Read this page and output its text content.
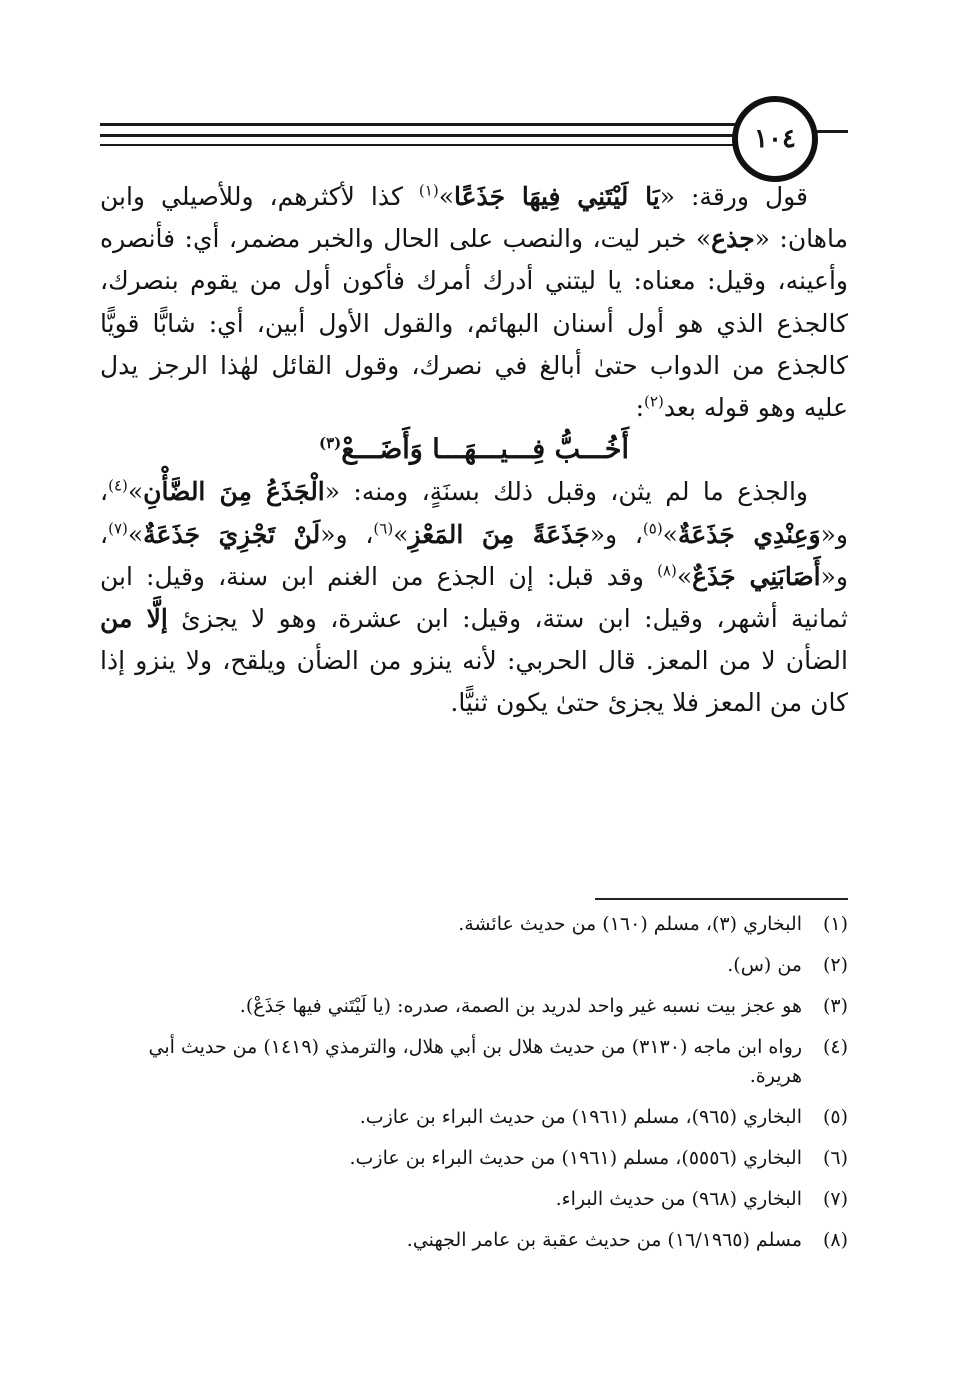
١٠٤

قول ورقة: «يَا لَيْتَنِي فِيهَا جَذَعًا»$^{(١)}$ كذا لأكثرهم، وللأصيلي وابن ماهان: «جذع» خبر ليت، والنصب على الحال والخبر مضمر، أي: فأنصره وأعينه، وقيل: معناه: يا ليتني أدرك أمرك فأكون أول من يقوم بنصرك، كالجذع الذي هو أول أسنان البهائم، والقول الأول أبين، أي: شابًّا قويًّا كالجذع من الدواب حتىٰ أبالغ في نصرك، وقول القائل لهٰذا الرجز يدل عليه وهو قوله بعد$^{(٢)}$:

أَخُـــبُّ فِـــيـــهَـــا وَأَضَـــعْ$^{(٣)}$

والجذع ما لم يثن، وقبل ذلك بسنَةٍ، ومنه: «الْجَذَعُ مِنَ الضَّأْنِ»$^{(٤)}$، و«وَعِنْدِي جَذَعَةٌ»$^{(٥)}$، و«جَذَعَةً مِنَ المَعْزِ»$^{(٦)}$، و«لَنْ تَجْزِيَ جَذَعَةٌ»$^{(٧)}$، و«أَصَابَنِي جَذَعٌ»$^{(٨)}$ وقد قبل: إن الجذع من الغنم ابن سنة، وقيل: ابن ثمانية أشهر، وقيل: ابن ستة، وقيل: ابن عشرة، وهو لا يجزئ إلَّا من الضأن لا من المعز. قال الحربي: لأنه ينزو من الضأن ويلقح، ولا ينزو إذا كان من المعز فلا يجزئ حتىٰ يكون ثنيًّا.

(١)
البخاري (٣)، مسلم (١٦٠) من حديث عائشة.
(٢)
من (س).
(٣)
هو عجز بيت نسبه غير واحد لدريد بن الصمة، صدره: (يا لَيْتَني فيها جَذَعْ).
(٤)
رواه ابن ماجه (٣١٣٠) من حديث هلال بن أبي هلال، والترمذي (١٤١٩) من حديث أبي هريرة.
(٥)
البخاري (٩٦٥)، مسلم (١٩٦١) من حديث البراء بن عازب.
(٦)
البخاري (٥٥٥٦)، مسلم (١٩٦١) من حديث البراء بن عازب.
(٧)
البخاري (٩٦٨) من حديث البراء.
(٨)
مسلم (١٦/١٩٦٥) من حديث عقبة بن عامر الجهني.
